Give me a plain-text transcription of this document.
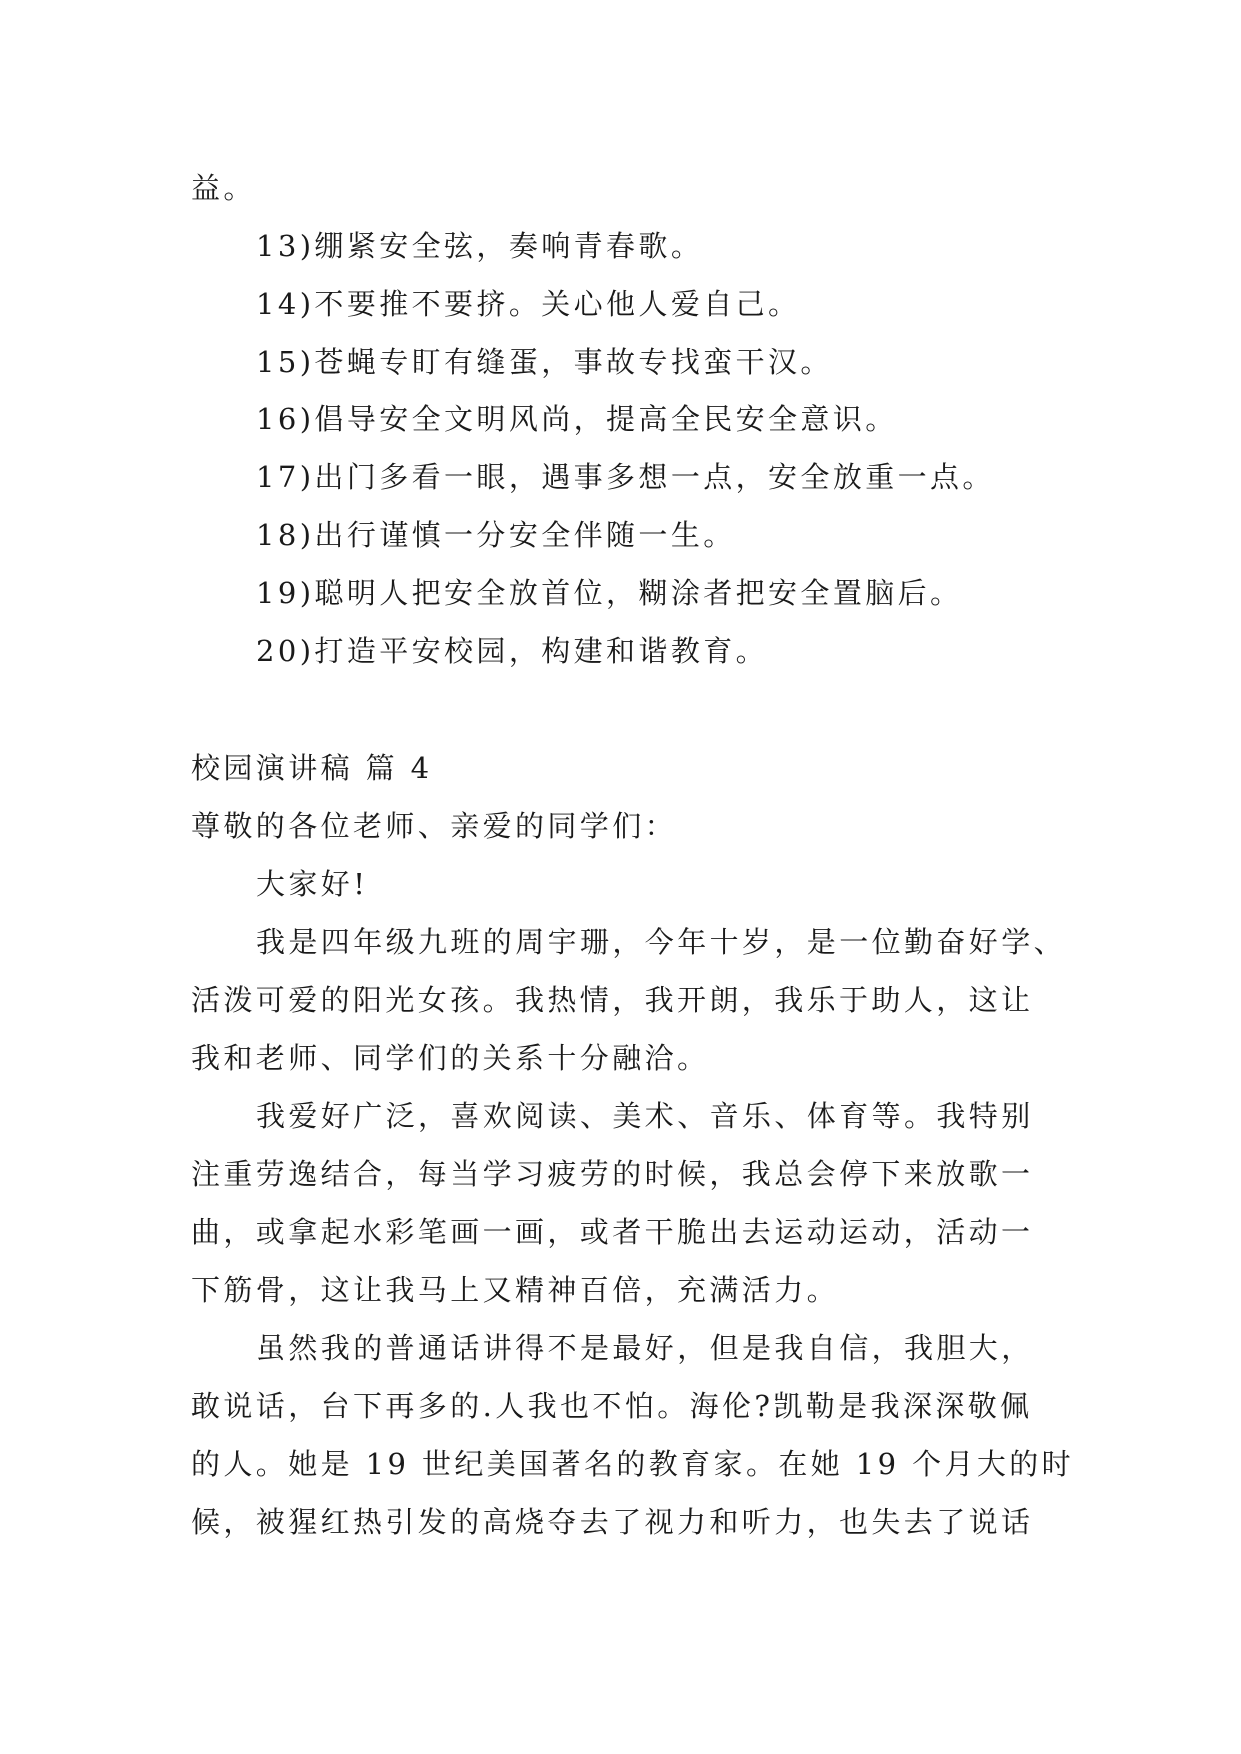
益。
13)绷紧安全弦，奏响青春歌。
14)不要推不要挤。关心他人爱自己。
15)苍蝇专盯有缝蛋，事故专找蛮干汉。
16)倡导安全文明风尚，提高全民安全意识。
17)出门多看一眼，遇事多想一点，安全放重一点。
18)出行谨慎一分安全伴随一生。
19)聪明人把安全放首位，糊涂者把安全置脑后。
20)打造平安校园，构建和谐教育。
校园演讲稿 篇 4
尊敬的各位老师、亲爱的同学们：
大家好!
我是四年级九班的周宇珊，今年十岁，是一位勤奋好学、
活泼可爱的阳光女孩。我热情，我开朗，我乐于助人，这让
我和老师、同学们的关系十分融洽。
我爱好广泛，喜欢阅读、美术、音乐、体育等。我特别
注重劳逸结合，每当学习疲劳的时候，我总会停下来放歌一
曲，或拿起水彩笔画一画，或者干脆出去运动运动，活动一
下筋骨，这让我马上又精神百倍，充满活力。
虽然我的普通话讲得不是最好，但是我自信，我胆大，
敢说话，台下再多的.人我也不怕。海伦?凯勒是我深深敬佩
的人。她是 19 世纪美国著名的教育家。在她 19 个月大的时
候，被猩红热引发的高烧夺去了视力和听力，也失去了说话
